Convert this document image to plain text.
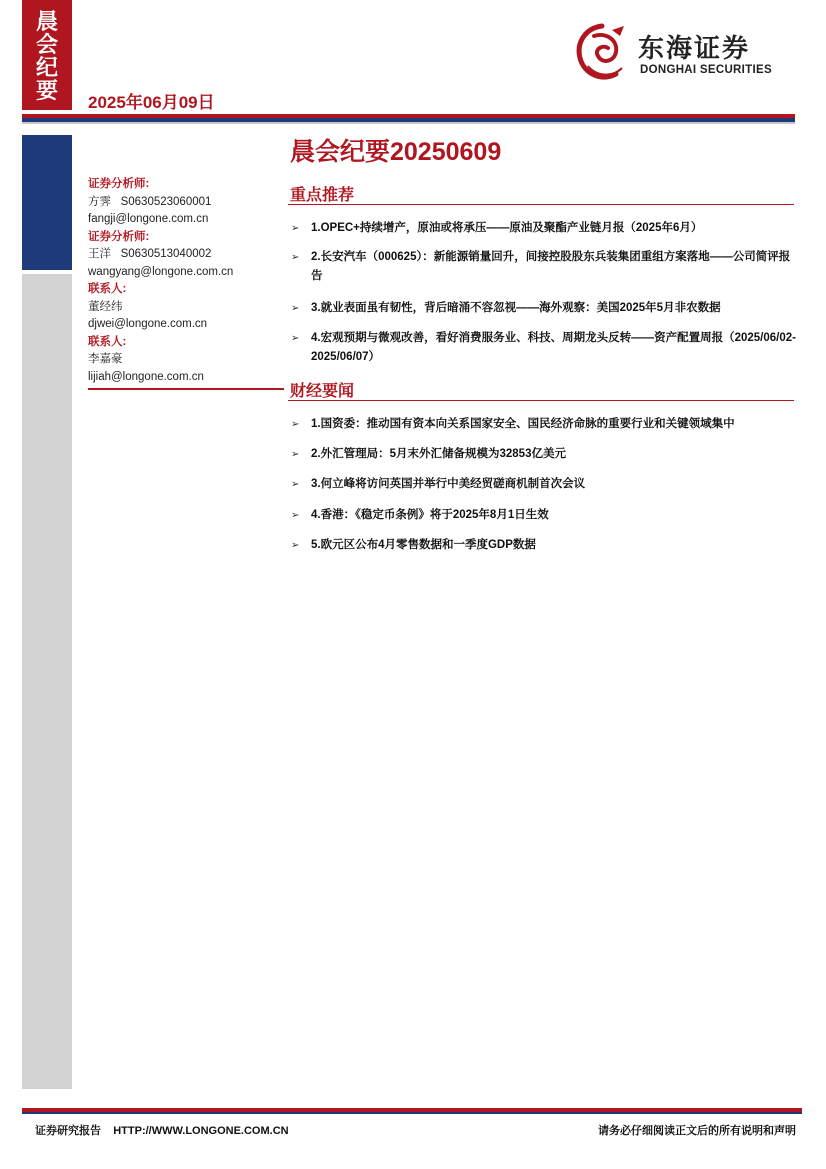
晨
会
纪
要	2025年06月09日
东海证券
DONGHAI SECURITIES
证券分析师:
方霁   S0630523060001
fangji@longone.com.cn
证券分析师:
王洋   S0630513040002
wangyang@longone.com.cn
联系人:
董经纬
djwei@longone.com.cn
联系人:
李嘉豪
lijiah@longone.com.cn
晨会纪要20250609
重点推荐
➢	1.OPEC+持续增产，原油或将承压——原油及聚酯产业链月报（2025年6月）
➢	2.长安汽车（000625）：新能源销量回升，间接控股股东兵装集团重组方案落地——公司简评报告
➢	3.就业表面虽有韧性，背后暗涌不容忽视——海外观察：美国2025年5月非农数据
➢	4.宏观预期与微观改善，看好消费服务业、科技、周期龙头反转——资产配置周报（2025/06/02-2025/06/07）
财经要闻
➢	1.国资委：推动国有资本向关系国家安全、国民经济命脉的重要行业和关键领域集中
➢	2.外汇管理局：5月末外汇储备规模为32853亿美元
➢	3.何立峰将访问英国并举行中美经贸磋商机制首次会议
➢	4.香港：《稳定币条例》将于2025年8月1日生效
➢	5.欧元区公布4月零售数据和一季度GDP数据
证券研究报告    HTTP://WWW.LONGONE.COM.CN	请务必仔细阅读正文后的所有说明和声明
